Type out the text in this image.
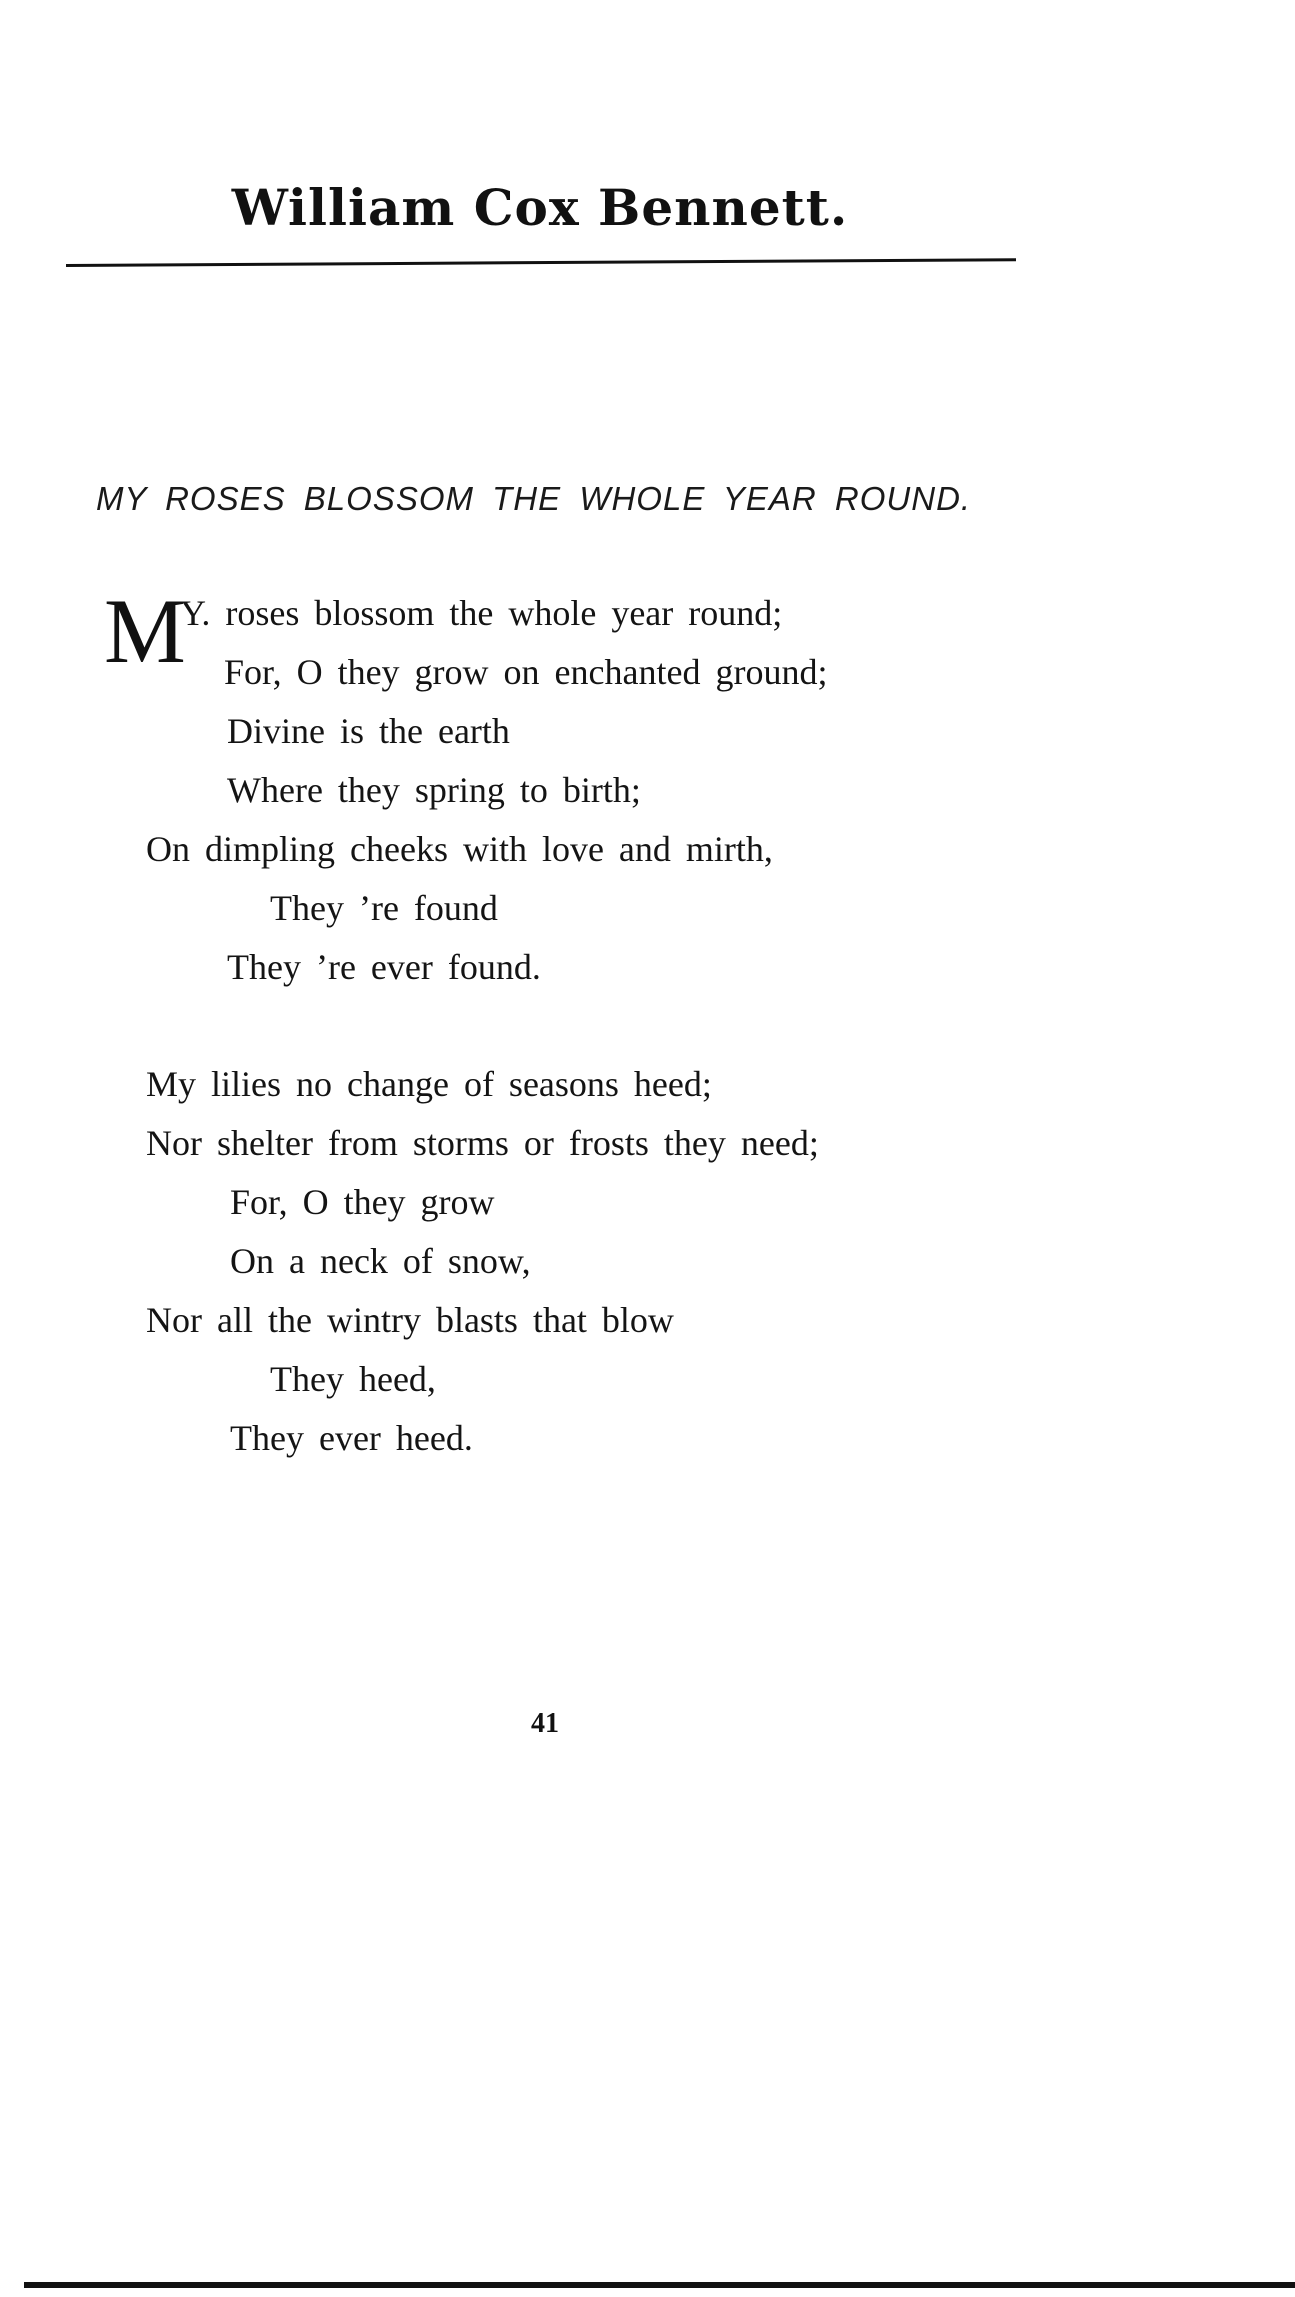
William Cox Bennett.
MY ROSES BLOSSOM THE WHOLE YEAR ROUND.
M
Y. roses blossom the whole year round;
For, O they grow on enchanted ground;
Divine is the earth
Where they spring to birth;
On dimpling cheeks with love and mirth,
They ’re found
They ’re ever found.
My lilies no change of seasons heed;
Nor shelter from storms or frosts they need;
For, O they grow
On a neck of snow,
Nor all the wintry blasts that blow
They heed,
They ever heed.
41
